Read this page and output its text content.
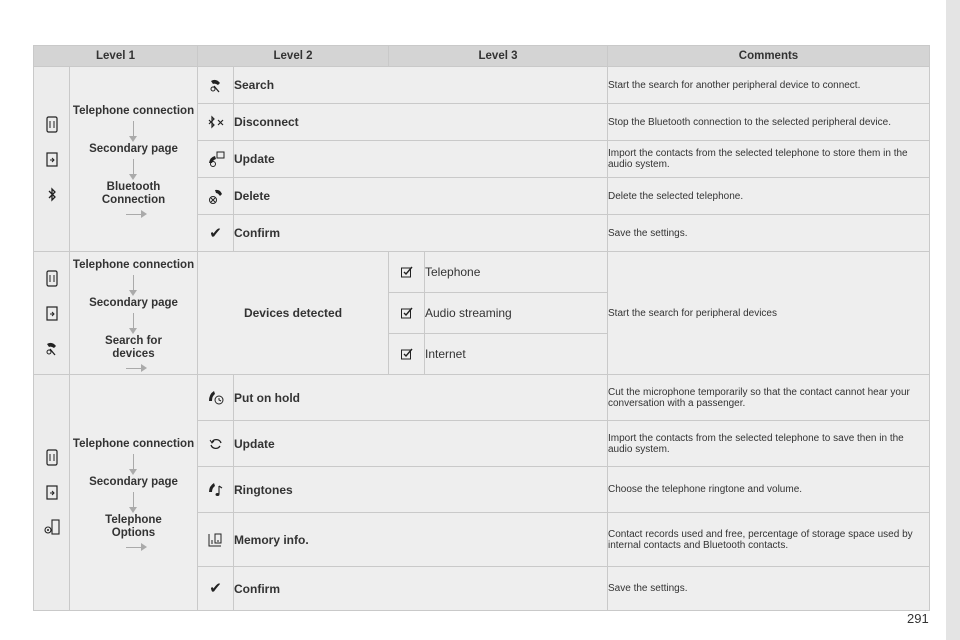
Level 1		Level 2		Level 3		Comments

Telephone connection
Secondary page
Bluetooth Connection		Search			Start the search for another peripheral device to connect.

	Disconnect			Stop the Bluetooth connection to the selected peripheral device.

	Update			Import the contacts from the selected telephone to store them in the audio system.

	Delete			Delete the selected telephone.
		✔	Confirm			Save the settings.

Telephone connection
Secondary page
Search for devices	Devices detected			Telephone	Start the search for peripheral devices

	Audio streaming	

	Internet	

Telephone connection
Secondary page
Telephone Options		Put on hold			Cut the microphone temporarily so that the contact cannot hear your conversation with a passenger.

	Update			Import the contacts from the selected telephone to save then in the audio system.

	Ringtones			Choose the telephone ringtone and volume.

	Memory info.			Contact records used and free, percentage of storage space used by internal contacts and Bluetooth contacts.
		✔	Confirm			Save the settings.
291
